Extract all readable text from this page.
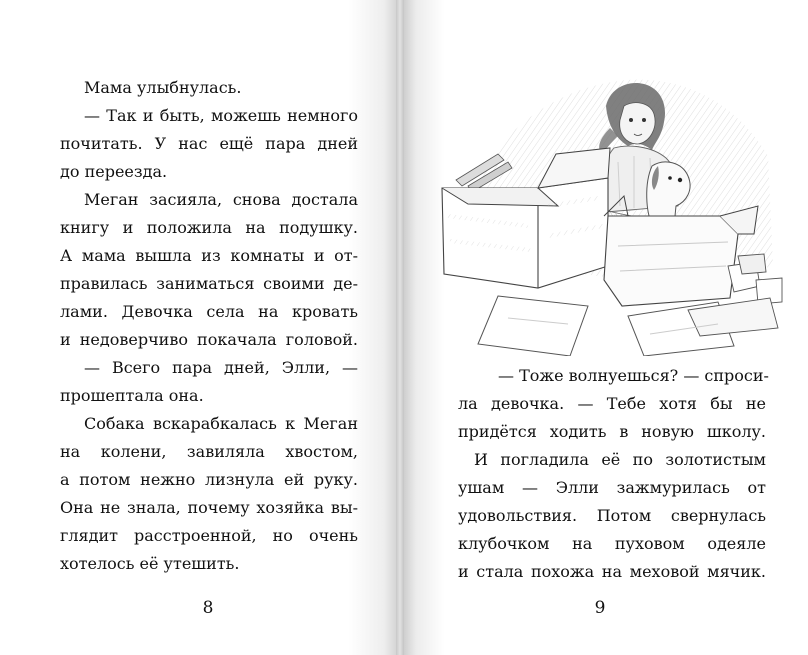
Мама улыбнулась.
— Так и быть, можешь немного
почитать. У нас ещё пара дней
до переезда.
Меган засияла, снова достала
книгу и положила на подушку.
А мама вышла из комнаты и от-
правилась заниматься своими де-
лами. Девочка села на кровать
и недоверчиво покачала головой.
— Всего пара дней, Элли, —
прошептала она.
Собака вскарабкалась к Меган
на колени, завиляла хвостом,
а потом нежно лизнула ей руку.
Она не знала, почему хозяйка вы-
глядит расстроенной, но очень
хотелось её утешить.
8
— Тоже волнуешься? — спроси-
ла девочка. — Тебе хотя бы не
придётся ходить в новую школу.
И погладила её по золотистым
ушам — Элли зажмурилась от
удовольствия. Потом свернулась
клубочком на пуховом одеяле
и стала похожа на меховой мячик.
9
